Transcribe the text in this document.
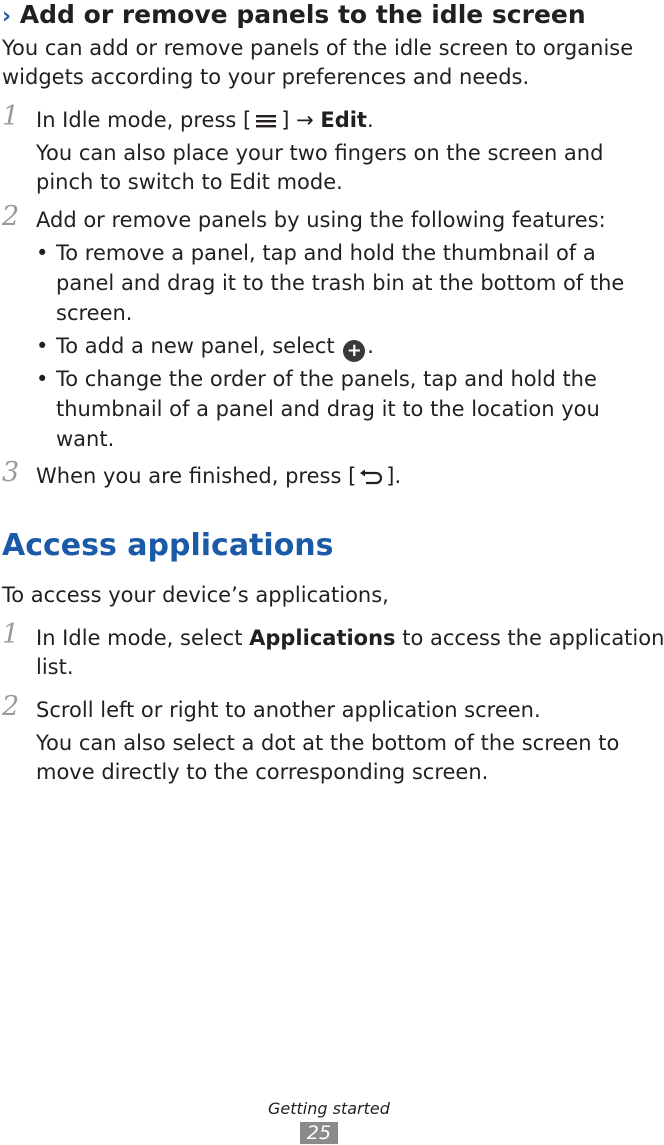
› Add or remove panels to the idle screen
You can add or remove panels of the idle screen to organise
widgets according to your preferences and needs.
1 In Idle mode, press [ ] → Edit.
You can also place your two fingers on the screen and
pinch to switch to Edit mode.
2 Add or remove panels by using the following features:
• To remove a panel, tap and hold the thumbnail of a
panel and drag it to the trash bin at the bottom of the
screen.
• To add a new panel, select + .
• To change the order of the panels, tap and hold the
thumbnail of a panel and drag it to the location you
want.
3 When you are finished, press [ ].
Access applications
To access your device’s applications,
1 In Idle mode, select Applications to access the application
list.
2 Scroll left or right to another application screen.
You can also select a dot at the bottom of the screen to
move directly to the corresponding screen.
Getting started
25
